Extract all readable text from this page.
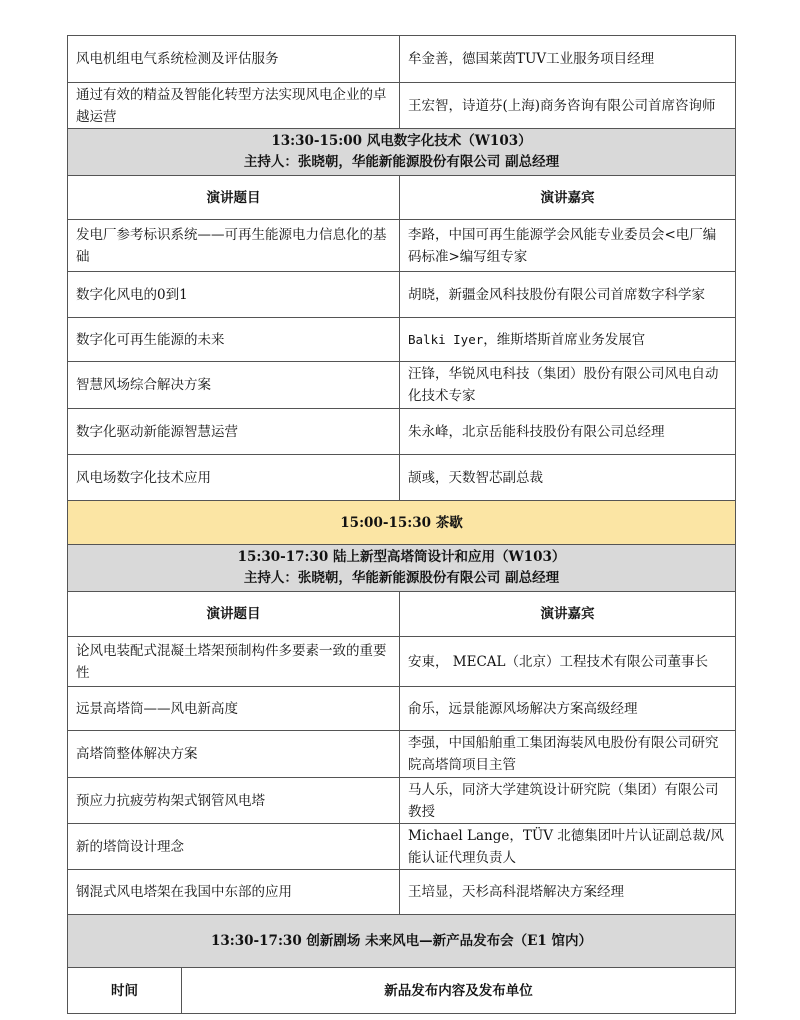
风电机组电气系统检测及评估服务		牟金善，德国莱茵TUV工业服务项目经理
通过有效的精益及智能化转型方法实现风电企业的卓越运营		王宏智，诗道芬(上海)商务咨询有限公司首席咨询师

13:30-15:00 风电数字化技术（W103）
主持人：张晓朝，华能新能源股份有限公司 副总经理		

演讲题目		演讲嘉宾
发电厂参考标识系统——可再生能源电力信息化的基础		李路，中国可再生能源学会风能专业委员会<电厂编码标准>编写组专家
数字化风电的0到1		胡晓，新疆金风科技股份有限公司首席数字科学家
数字化可再生能源的未来		Balki Iyer，维斯塔斯首席业务发展官
智慧风场综合解决方案		汪锋，华锐风电科技（集团）股份有限公司风电自动化技术专家
数字化驱动新能源智慧运营		朱永峰，北京岳能科技股份有限公司总经理
风电场数字化技术应用		颉彧，天数智芯副总裁
15:00-15:30 茶歇		

15:30-17:30 陆上新型高塔筒设计和应用（W103）
主持人：张晓朝，华能新能源股份有限公司 副总经理		

演讲题目		演讲嘉宾
论风电装配式混凝土塔架预制构件多要素一致的重要性		安東， MECAL（北京）工程技术有限公司董事长
远景高塔筒——风电新高度		俞乐，远景能源风场解决方案高级经理
高塔筒整体解决方案		李强，中国船舶重工集团海装风电股份有限公司研究院高塔筒项目主管
预应力抗疲劳构架式钢管风电塔		马人乐，同济大学建筑设计研究院（集团）有限公司教授
新的塔筒设计理念		Michael Lange，TÜV 北德集团叶片认证副总裁/风能认证代理负责人
钢混式风电塔架在我国中东部的应用		王培显，天杉高科混塔解决方案经理
13:30-17:30 创新剧场 未来风电—新产品发布会（E1 馆内）		
时间	新品发布内容及发布单位	
